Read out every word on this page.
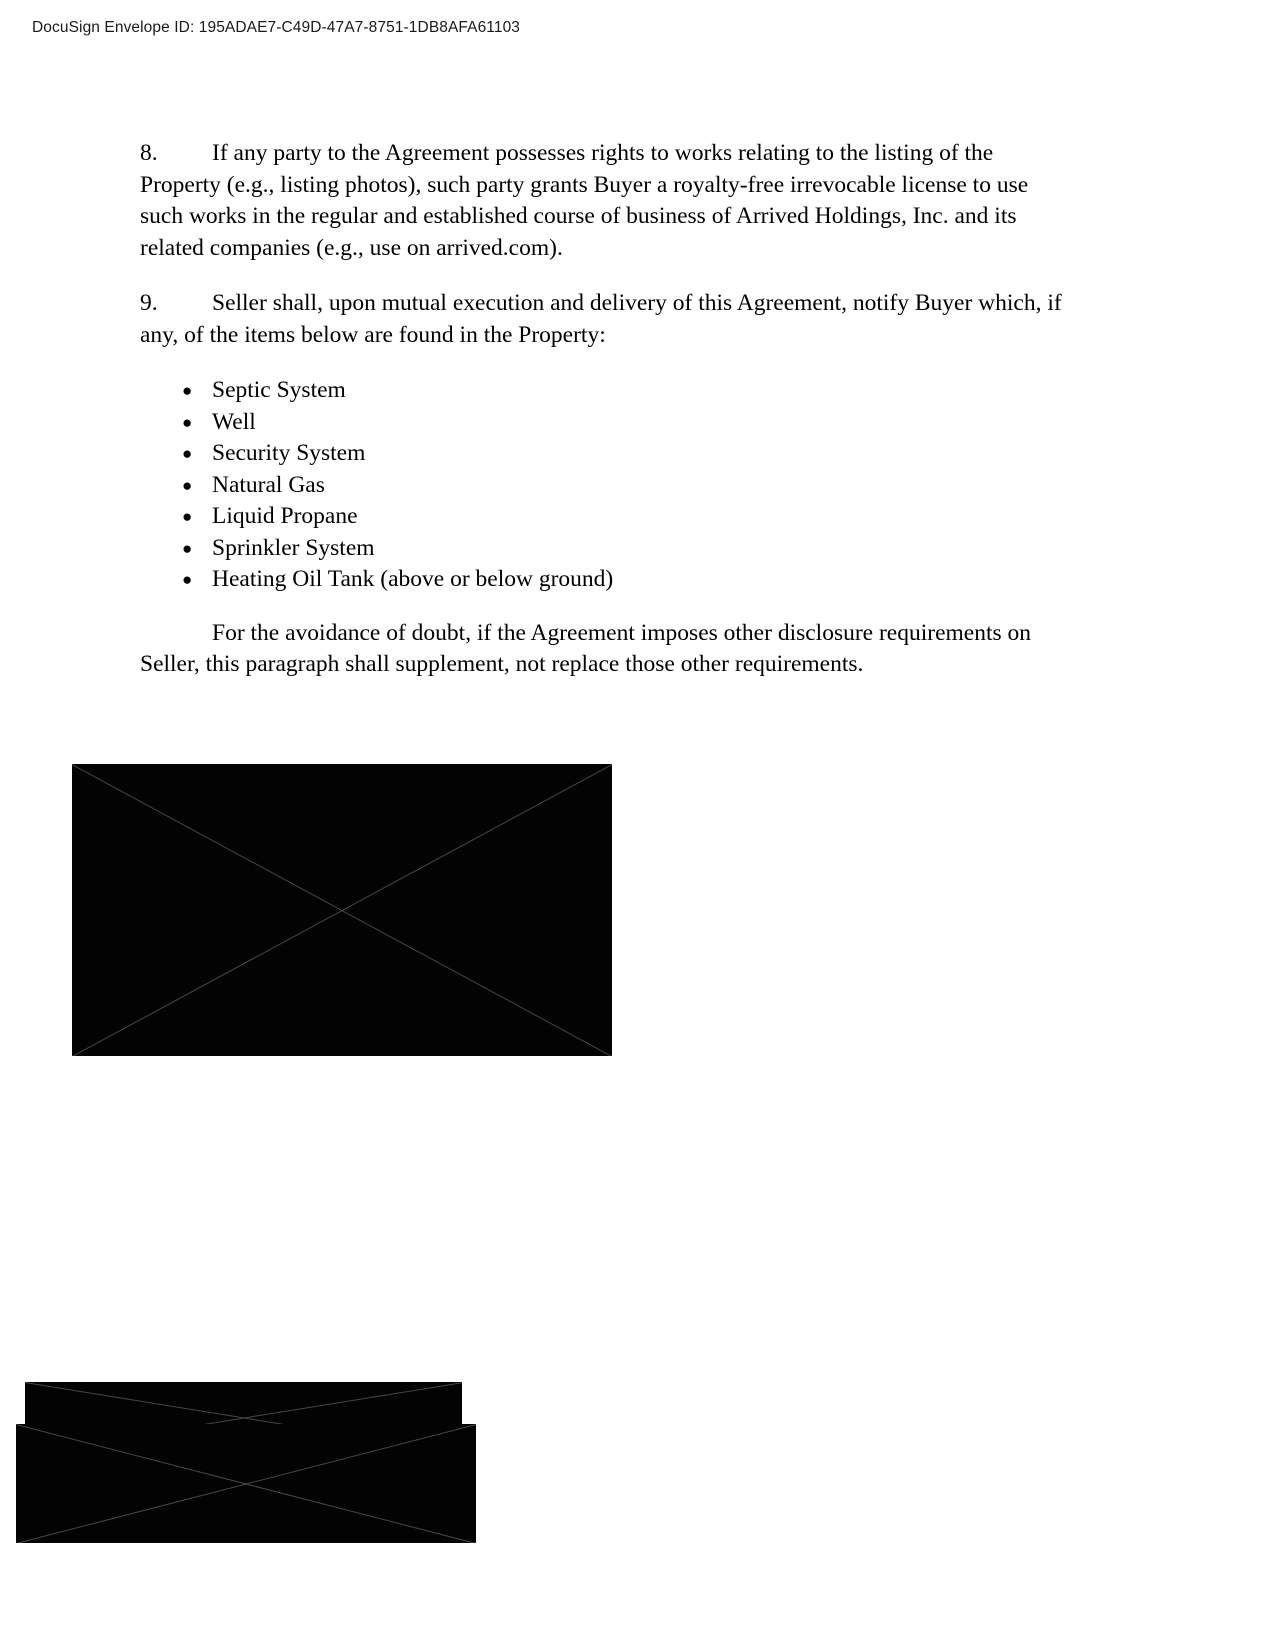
DocuSign Envelope ID: 195ADAE7-C49D-47A7-8751-1DB8AFA61103

8. If any party to the Agreement possesses rights to works relating to the listing of the Property (e.g., listing photos), such party grants Buyer a royalty-free irrevocable license to use such works in the regular and established course of business of Arrived Holdings, Inc. and its related companies (e.g., use on arrived.com).

9. Seller shall, upon mutual execution and delivery of this Agreement, notify Buyer which, if any, of the items below are found in the Property:

● Septic System
● Well
● Security System
● Natural Gas
● Liquid Propane
● Sprinkler System
● Heating Oil Tank (above or below ground)

For the avoidance of doubt, if the Agreement imposes other disclosure requirements on Seller, this paragraph shall supplement, not replace those other requirements.
